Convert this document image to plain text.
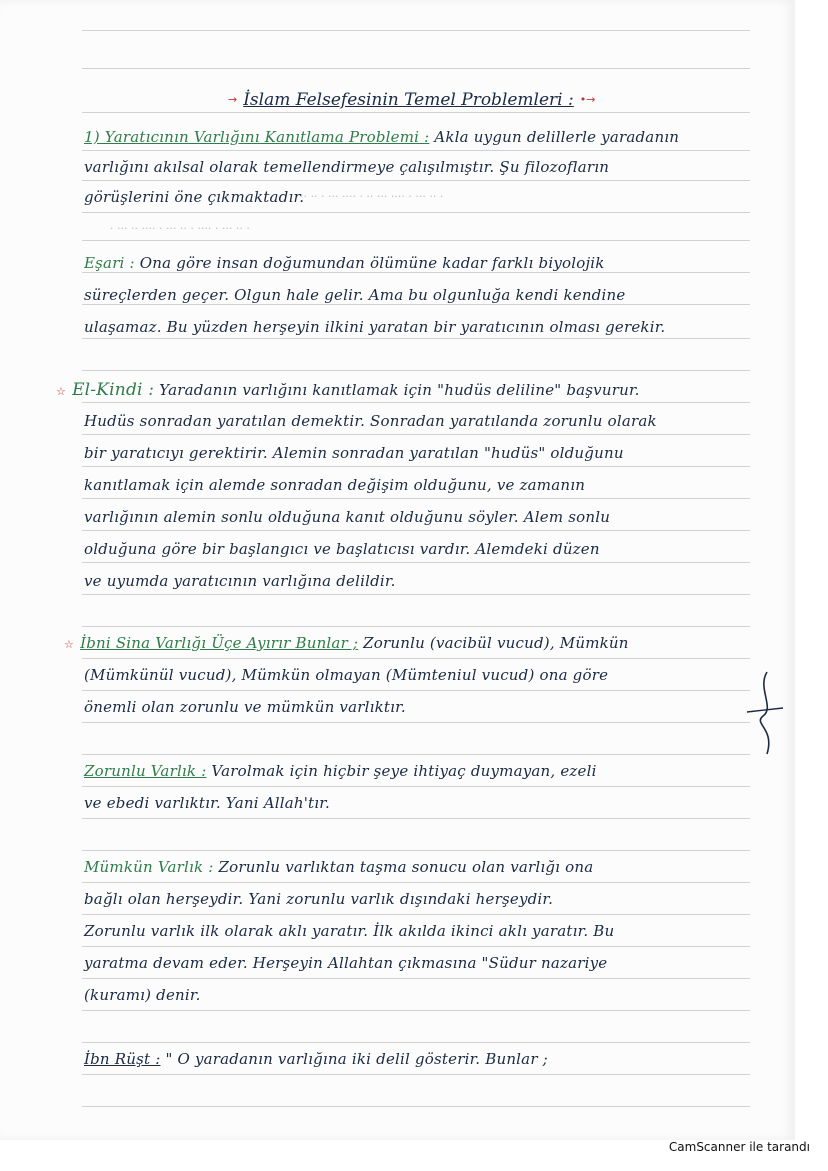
→ İslam Felsefesinin Temel Problemleri : •→
1) Yaratıcının Varlığını Kanıtlama Problemi : Akla uygun delillerle yaradanın
varlığını akılsal olarak temellendirmeye çalışılmıştır. Şu filozofların
görüşlerini öne çıkmaktadır.
·· ·· · ··· ···· · ·· ··· ···· · ··· ·· ·
· ··· ·· ···· · ··· ·· · ···· · ··· ·· ·
Eşari : Ona göre insan doğumundan ölümüne kadar farklı biyolojik
süreçlerden geçer. Olgun hale gelir. Ama bu olgunluğa kendi kendine
ulaşamaz. Bu yüzden herşeyin ilkini yaratan bir yaratıcının olması gerekir.
☆ El-Kindi : Yaradanın varlığını kanıtlamak için "hudüs deliline" başvurur.
Hudüs sonradan yaratılan demektir. Sonradan yaratılanda zorunlu olarak
bir yaratıcıyı gerektirir. Alemin sonradan yaratılan "hudüs" olduğunu
kanıtlamak için alemde sonradan değişim olduğunu, ve zamanın
varlığının alemin sonlu olduğuna kanıt olduğunu söyler. Alem sonlu
olduğuna göre bir başlangıcı ve başlatıcısı vardır. Alemdeki düzen
ve uyumda yaratıcının varlığına delildir.
☆ İbni Sina Varlığı Üçe Ayırır Bunlar ; Zorunlu (vacibül vucud), Mümkün
(Mümkünül vucud), Mümkün olmayan (Mümteniul vucud) ona göre
önemli olan zorunlu ve mümkün varlıktır.
Zorunlu Varlık : Varolmak için hiçbir şeye ihtiyaç duymayan, ezeli
ve ebedi varlıktır. Yani Allah'tır.
Mümkün Varlık : Zorunlu varlıktan taşma sonucu olan varlığı ona
bağlı olan herşeydir. Yani zorunlu varlık dışındaki herşeydir.
Zorunlu varlık ilk olarak aklı yaratır. İlk akılda ikinci aklı yaratır. Bu
yaratma devam eder. Herşeyin Allahtan çıkmasına "Südur nazariye
(kuramı) denir.
İbn Rüşt : " O yaradanın varlığına iki delil gösterir. Bunlar ;
CamScanner ile tarandı
